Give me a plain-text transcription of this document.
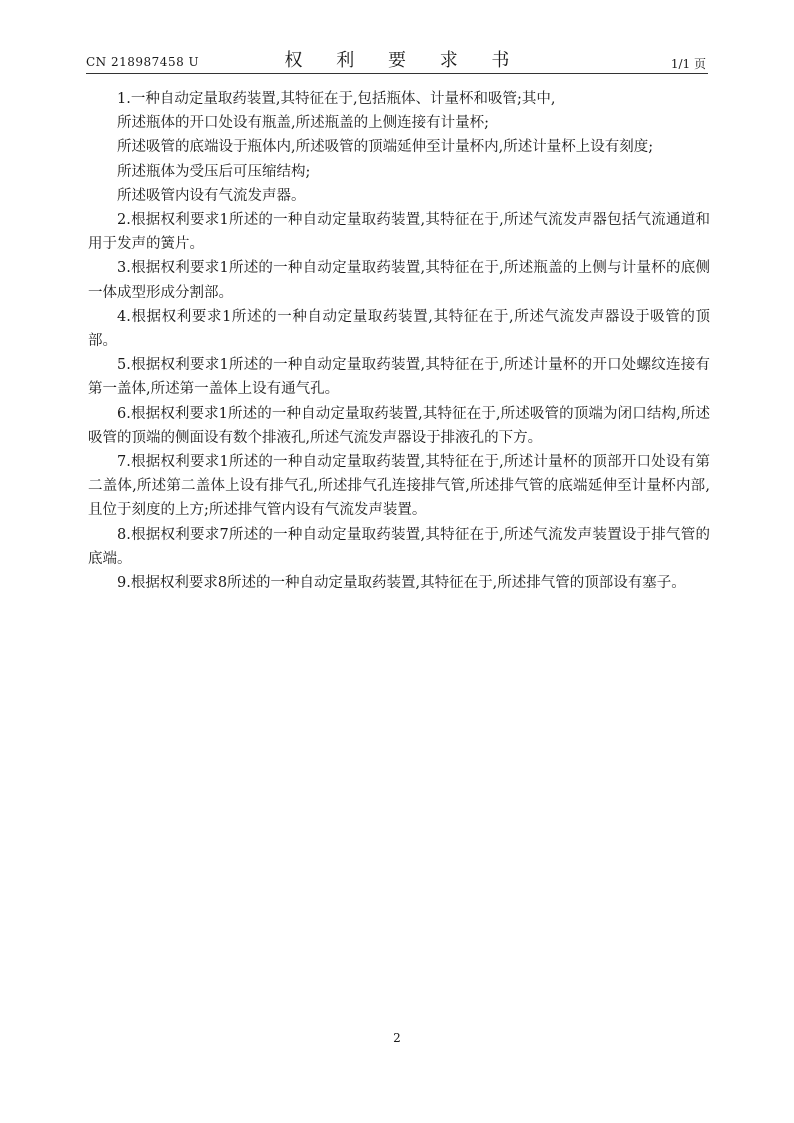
CN 218987458 U	权 利 要 求 书	1/1 页

1.一种自动定量取药装置,其特征在于,包括瓶体、计量杯和吸管;其中,

所述瓶体的开口处设有瓶盖,所述瓶盖的上侧连接有计量杯;

所述吸管的底端设于瓶体内,所述吸管的顶端延伸至计量杯内,所述计量杯上设有刻度;

所述瓶体为受压后可压缩结构;

所述吸管内设有气流发声器。

2.根据权利要求1所述的一种自动定量取药装置,其特征在于,所述气流发声器包括气流通道和用于发声的簧片。

3.根据权利要求1所述的一种自动定量取药装置,其特征在于,所述瓶盖的上侧与计量杯的底侧一体成型形成分割部。

4.根据权利要求1所述的一种自动定量取药装置,其特征在于,所述气流发声器设于吸管的顶部。

5.根据权利要求1所述的一种自动定量取药装置,其特征在于,所述计量杯的开口处螺纹连接有第一盖体,所述第一盖体上设有通气孔。

6.根据权利要求1所述的一种自动定量取药装置,其特征在于,所述吸管的顶端为闭口结构,所述吸管的顶端的侧面设有数个排液孔,所述气流发声器设于排液孔的下方。

7.根据权利要求1所述的一种自动定量取药装置,其特征在于,所述计量杯的顶部开口处设有第二盖体,所述第二盖体上设有排气孔,所述排气孔连接排气管,所述排气管的底端延伸至计量杯内部,且位于刻度的上方;所述排气管内设有气流发声装置。

8.根据权利要求7所述的一种自动定量取药装置,其特征在于,所述气流发声装置设于排气管的底端。

9.根据权利要求8所述的一种自动定量取药装置,其特征在于,所述排气管的顶部设有塞子。

2
